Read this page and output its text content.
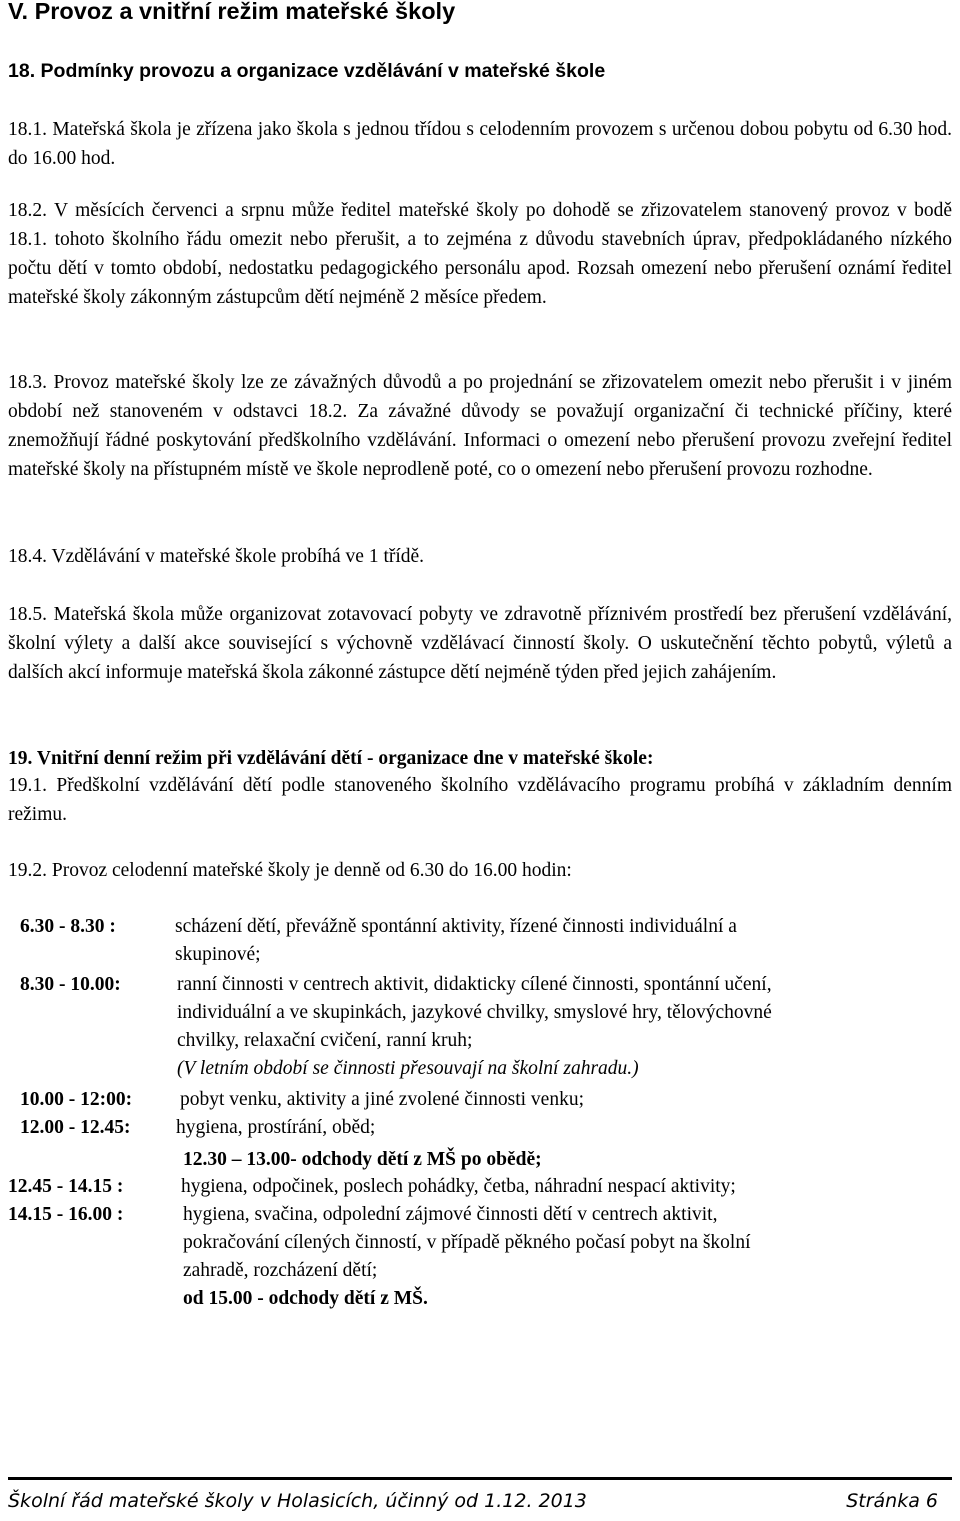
V. Provoz a vnitřní režim mateřské školy
18. Podmínky provozu a organizace vzdělávání v mateřské škole

18.1. Mateřská škola je zřízena jako škola s jednou třídou s celodenním provozem s určenou dobou pobytu od 6.30 hod. do 16.00 hod.

18.2. V měsících červenci a srpnu může ředitel mateřské školy po dohodě se zřizovatelem stanovený provoz v bodě 18.1. tohoto školního řádu omezit nebo přerušit, a to zejména z důvodu stavebních úprav, předpokládaného nízkého počtu dětí v tomto období, nedostatku pedagogického personálu apod. Rozsah omezení nebo přerušení oznámí ředitel mateřské školy zákonným zástupcům dětí nejméně 2 měsíce předem.

18.3. Provoz mateřské školy lze ze závažných důvodů a po projednání se zřizovatelem omezit nebo přerušit i v jiném období než stanoveném v odstavci 18.2. Za závažné důvody se považují organizační či technické příčiny, které znemožňují řádné poskytování předškolního vzdělávání. Informaci o omezení nebo přerušení provozu zveřejní ředitel mateřské školy na přístupném místě ve škole neprodleně poté, co o omezení nebo přerušení provozu rozhodne.

18.4. Vzdělávání v mateřské škole probíhá ve 1 třídě.

18.5. Mateřská škola může organizovat zotavovací pobyty ve zdravotně příznivém prostředí bez přerušení vzdělávání, školní výlety a další akce související s výchovně vzdělávací činností školy. O uskutečnění těchto pobytů, výletů a dalších akcí informuje mateřská škola zákonné zástupce dětí nejméně týden před jejich zahájením.

19. Vnitřní denní režim při vzdělávání dětí - organizace dne v mateřské škole:

19.1. Předškolní vzdělávání dětí podle stanoveného školního vzdělávacího programu probíhá v základním denním režimu.

19.2. Provoz celodenní mateřské školy je denně od 6.30 do 16.00 hodin:

6.30 - 8.30 :	scházení dětí, převážně spontánní aktivity, řízené činnosti individuální a
skupinové;
8.30 - 10.00:	ranní činnosti v centrech aktivit, didakticky cílené činnosti, spontánní učení,
individuální a ve skupinkách, jazykové chvilky, smyslové hry, tělovýchovné
chvilky, relaxační cvičení, ranní kruh;
(V letním období se činnosti přesouvají na školní zahradu.)
10.00 - 12:00: pobyt venku, aktivity a jiné zvolené činnosti venku;
12.00 - 12.45: hygiena, prostírání, oběd;
12.30 – 13.00- odchody dětí z MŠ po obědě;
12.45 - 14.15 :	hygiena, odpočinek, poslech pohádky, četba, náhradní nespací aktivity;
14.15 - 16.00 :	hygiena, svačina, odpolední zájmové činnosti dětí v centrech aktivit,
pokračování cílených činností, v případě pěkného počasí pobyt na školní
zahradě, rozcházení dětí;
od 15.00 - odchody dětí z MŠ.
Školní řád mateřské školy v Holasicích, účinný od 1.12. 2013	Stránka 6
